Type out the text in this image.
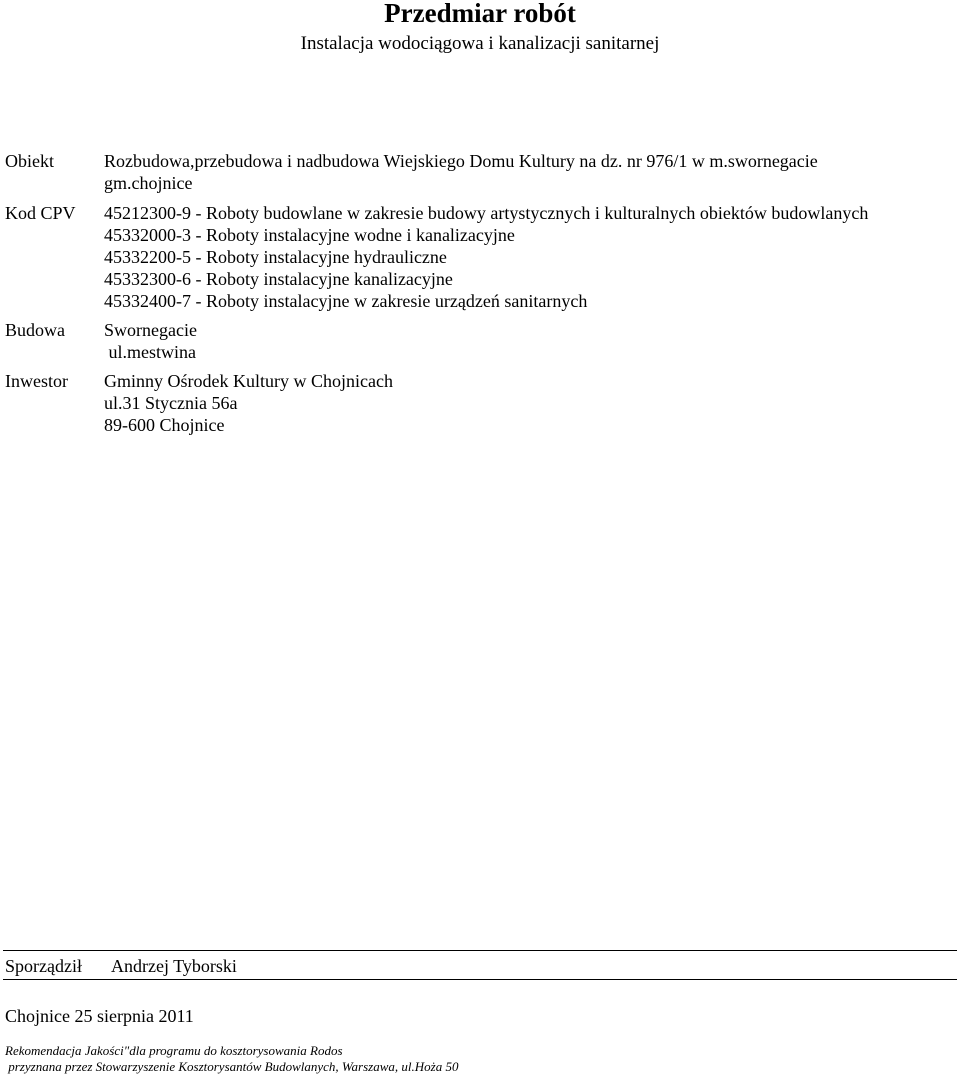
Przedmiar robót
Instalacja wodociągowa i kanalizacji sanitarnej
Obiekt	Rozbudowa,przebudowa i nadbudowa Wiejskiego Domu Kultury na dz. nr 976/1 w m.swornegacie
gm.chojnice
Kod CPV 45212300-9 - Roboty budowlane w zakresie budowy artystycznych i kulturalnych obiektów budowlanych
45332000-3 - Roboty instalacyjne wodne i kanalizacyjne
45332200-5 - Roboty instalacyjne hydrauliczne
45332300-6 - Roboty instalacyjne kanalizacyjne
45332400-7 - Roboty instalacyjne w zakresie urządzeń sanitarnych
Budowa Swornegacie
ul.mestwina
Inwestor Gminny Ośrodek Kultury w Chojnicach
ul.31 Stycznia 56a
89-600 Chojnice
Sporządził Andrzej Tyborski
Chojnice 25 sierpnia 2011
Rekomendacja Jakości"dla programu do kosztorysowania Rodos
przyznana przez Stowarzyszenie Kosztorysantów Budowlanych, Warszawa, ul.Hoża 50
